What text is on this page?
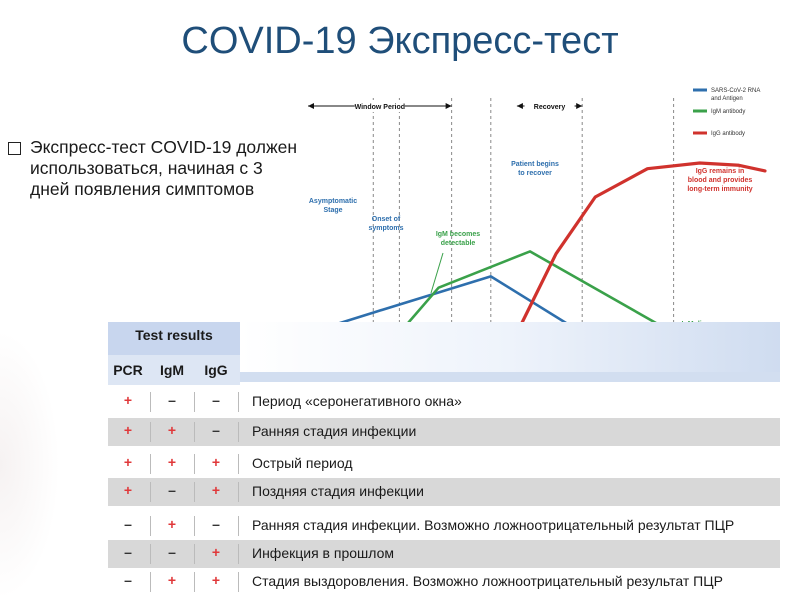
COVID-19 Экспресс-тест
Экспресс-тест COVID-19 должен использоваться, начиная с 3 дней появления симптомов
Window Period	Recovery
SARS-CoV-2 RNA
and Antigen
IgM antibody
IgG antibody
Asymptomatic
Stage
Onset of
symptoms
IgM becomes
detectable
Patient begins
to recover	IgG remains in
blood and provides
long-term immunity
Test results
PCR	IgM	IgG
+	–	–	Период «серонегативного окна»
+	+	–	Ранняя стадия инфекции
+	+	+	Острый период
+	–	+	Поздняя стадия инфекции
–	+	–	Ранняя стадия инфекции. Возможно ложноотрицательный результат ПЦР
–	–	+	Инфекция в прошлом
–	+	+	Стадия выздоровления. Возможно ложноотрицательный результат ПЦР
